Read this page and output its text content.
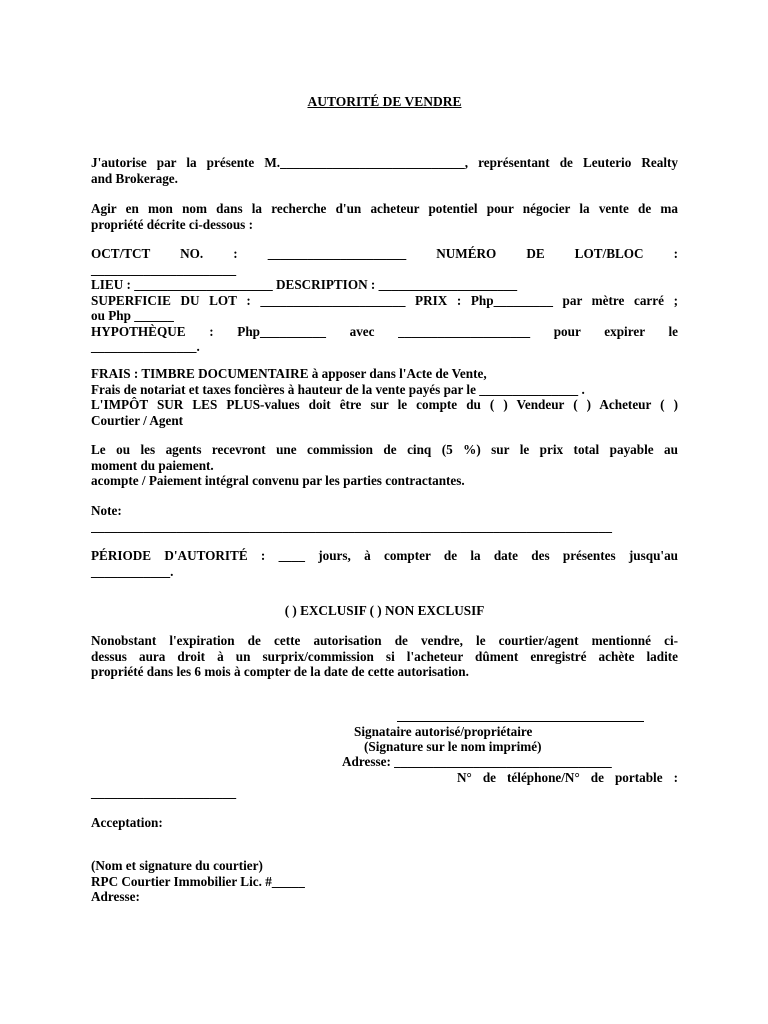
AUTORITÉ DE VENDRE
J'autorise par la présente M.____________________________, représentant de Leuterio Realty
and Brokerage.
Agir en mon nom dans la recherche d'un acheteur potentiel pour négocier la vente de ma
propriété décrite ci-dessous :
OCT/TCT NO. : _____________________ NUMÉRO DE LOT/BLOC :
______________________
LIEU : _____________________ DESCRIPTION : _____________________
SUPERFICIE DU LOT : ______________________ PRIX : Php_________ par mètre carré ;
ou Php ______
HYPOTHÈQUE : Php__________ avec ____________________ pour expirer le
________________.
FRAIS : TIMBRE DOCUMENTAIRE à apposer dans l'Acte de Vente,
Frais de notariat et taxes foncières à hauteur de la vente payés par le _______________ .
L'IMPÔT SUR LES PLUS-values doit être sur le compte du ( ) Vendeur ( ) Acheteur ( )
Courtier / Agent
Le ou les agents recevront une commission de cinq (5 %) sur le prix total payable au
moment du paiement.
acompte / Paiement intégral convenu par les parties contractantes.
Note:
_______________________________________________________________________________
PÉRIODE D'AUTORITÉ : ____ jours, à compter de la date des présentes jusqu'au
____________.
( ) EXCLUSIF ( ) NON EXCLUSIF
Nonobstant l'expiration de cette autorisation de vendre, le courtier/agent mentionné ci-
dessus aura droit à un surprix/commission si l'acheteur dûment enregistré achète ladite
propriété dans les 6 mois à compter de la date de cette autorisation.
Signataire autorisé/propriétaire
(Signature sur le nom imprimé)
Adresse: _________________________________
N° de téléphone/N° de portable :
______________________
Acceptation:
(Nom et signature du courtier)
RPC Courtier Immobilier Lic. #_____
Adresse:
